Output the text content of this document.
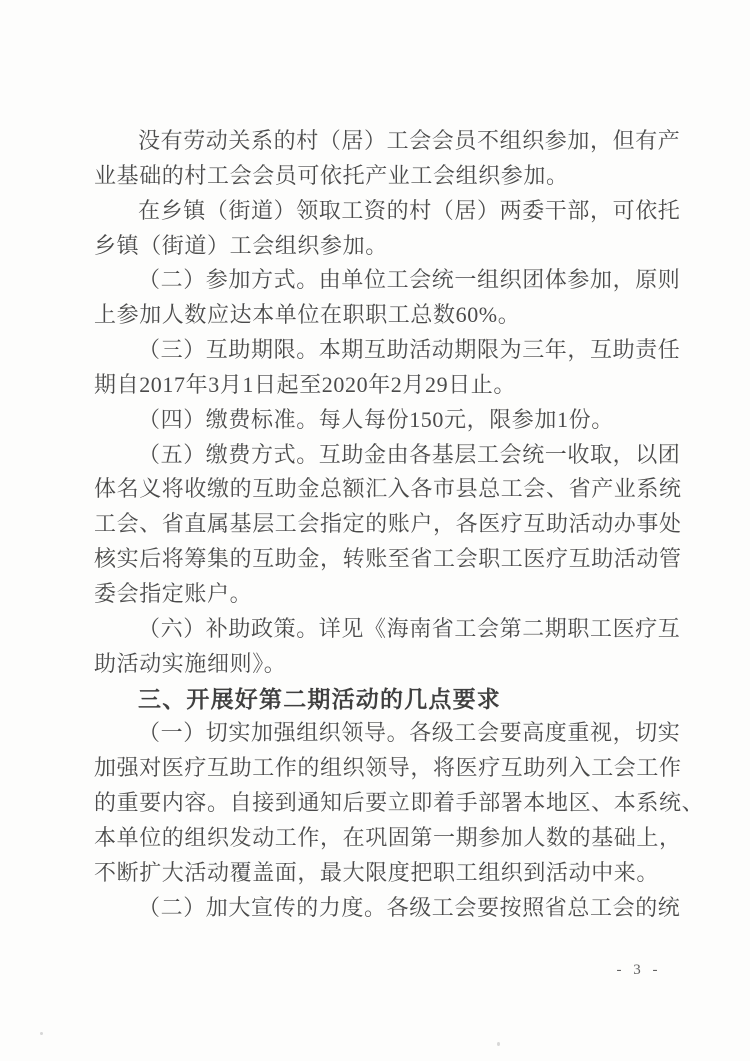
没有劳动关系的村（居）工会会员不组织参加，但有产
业基础的村工会会员可依托产业工会组织参加。
在乡镇（街道）领取工资的村（居）两委干部，可依托
乡镇（街道）工会组织参加。
（二）参加方式。由单位工会统一组织团体参加，原则
上参加人数应达本单位在职职工总数60%。
（三）互助期限。本期互助活动期限为三年，互助责任
期自2017年3月1日起至2020年2月29日止。
（四）缴费标准。每人每份150元，限参加1份。
（五）缴费方式。互助金由各基层工会统一收取，以团
体名义将收缴的互助金总额汇入各市县总工会、省产业系统
工会、省直属基层工会指定的账户，各医疗互助活动办事处
核实后将筹集的互助金，转账至省工会职工医疗互助活动管
委会指定账户。
（六）补助政策。详见《海南省工会第二期职工医疗互
助活动实施细则》。
三、开展好第二期活动的几点要求
（一）切实加强组织领导。各级工会要高度重视，切实
加强对医疗互助工作的组织领导，将医疗互助列入工会工作
的重要内容。自接到通知后要立即着手部署本地区、本系统、
本单位的组织发动工作，在巩固第一期参加人数的基础上，
不断扩大活动覆盖面，最大限度把职工组织到活动中来。
（二）加大宣传的力度。各级工会要按照省总工会的统
- 3 -
